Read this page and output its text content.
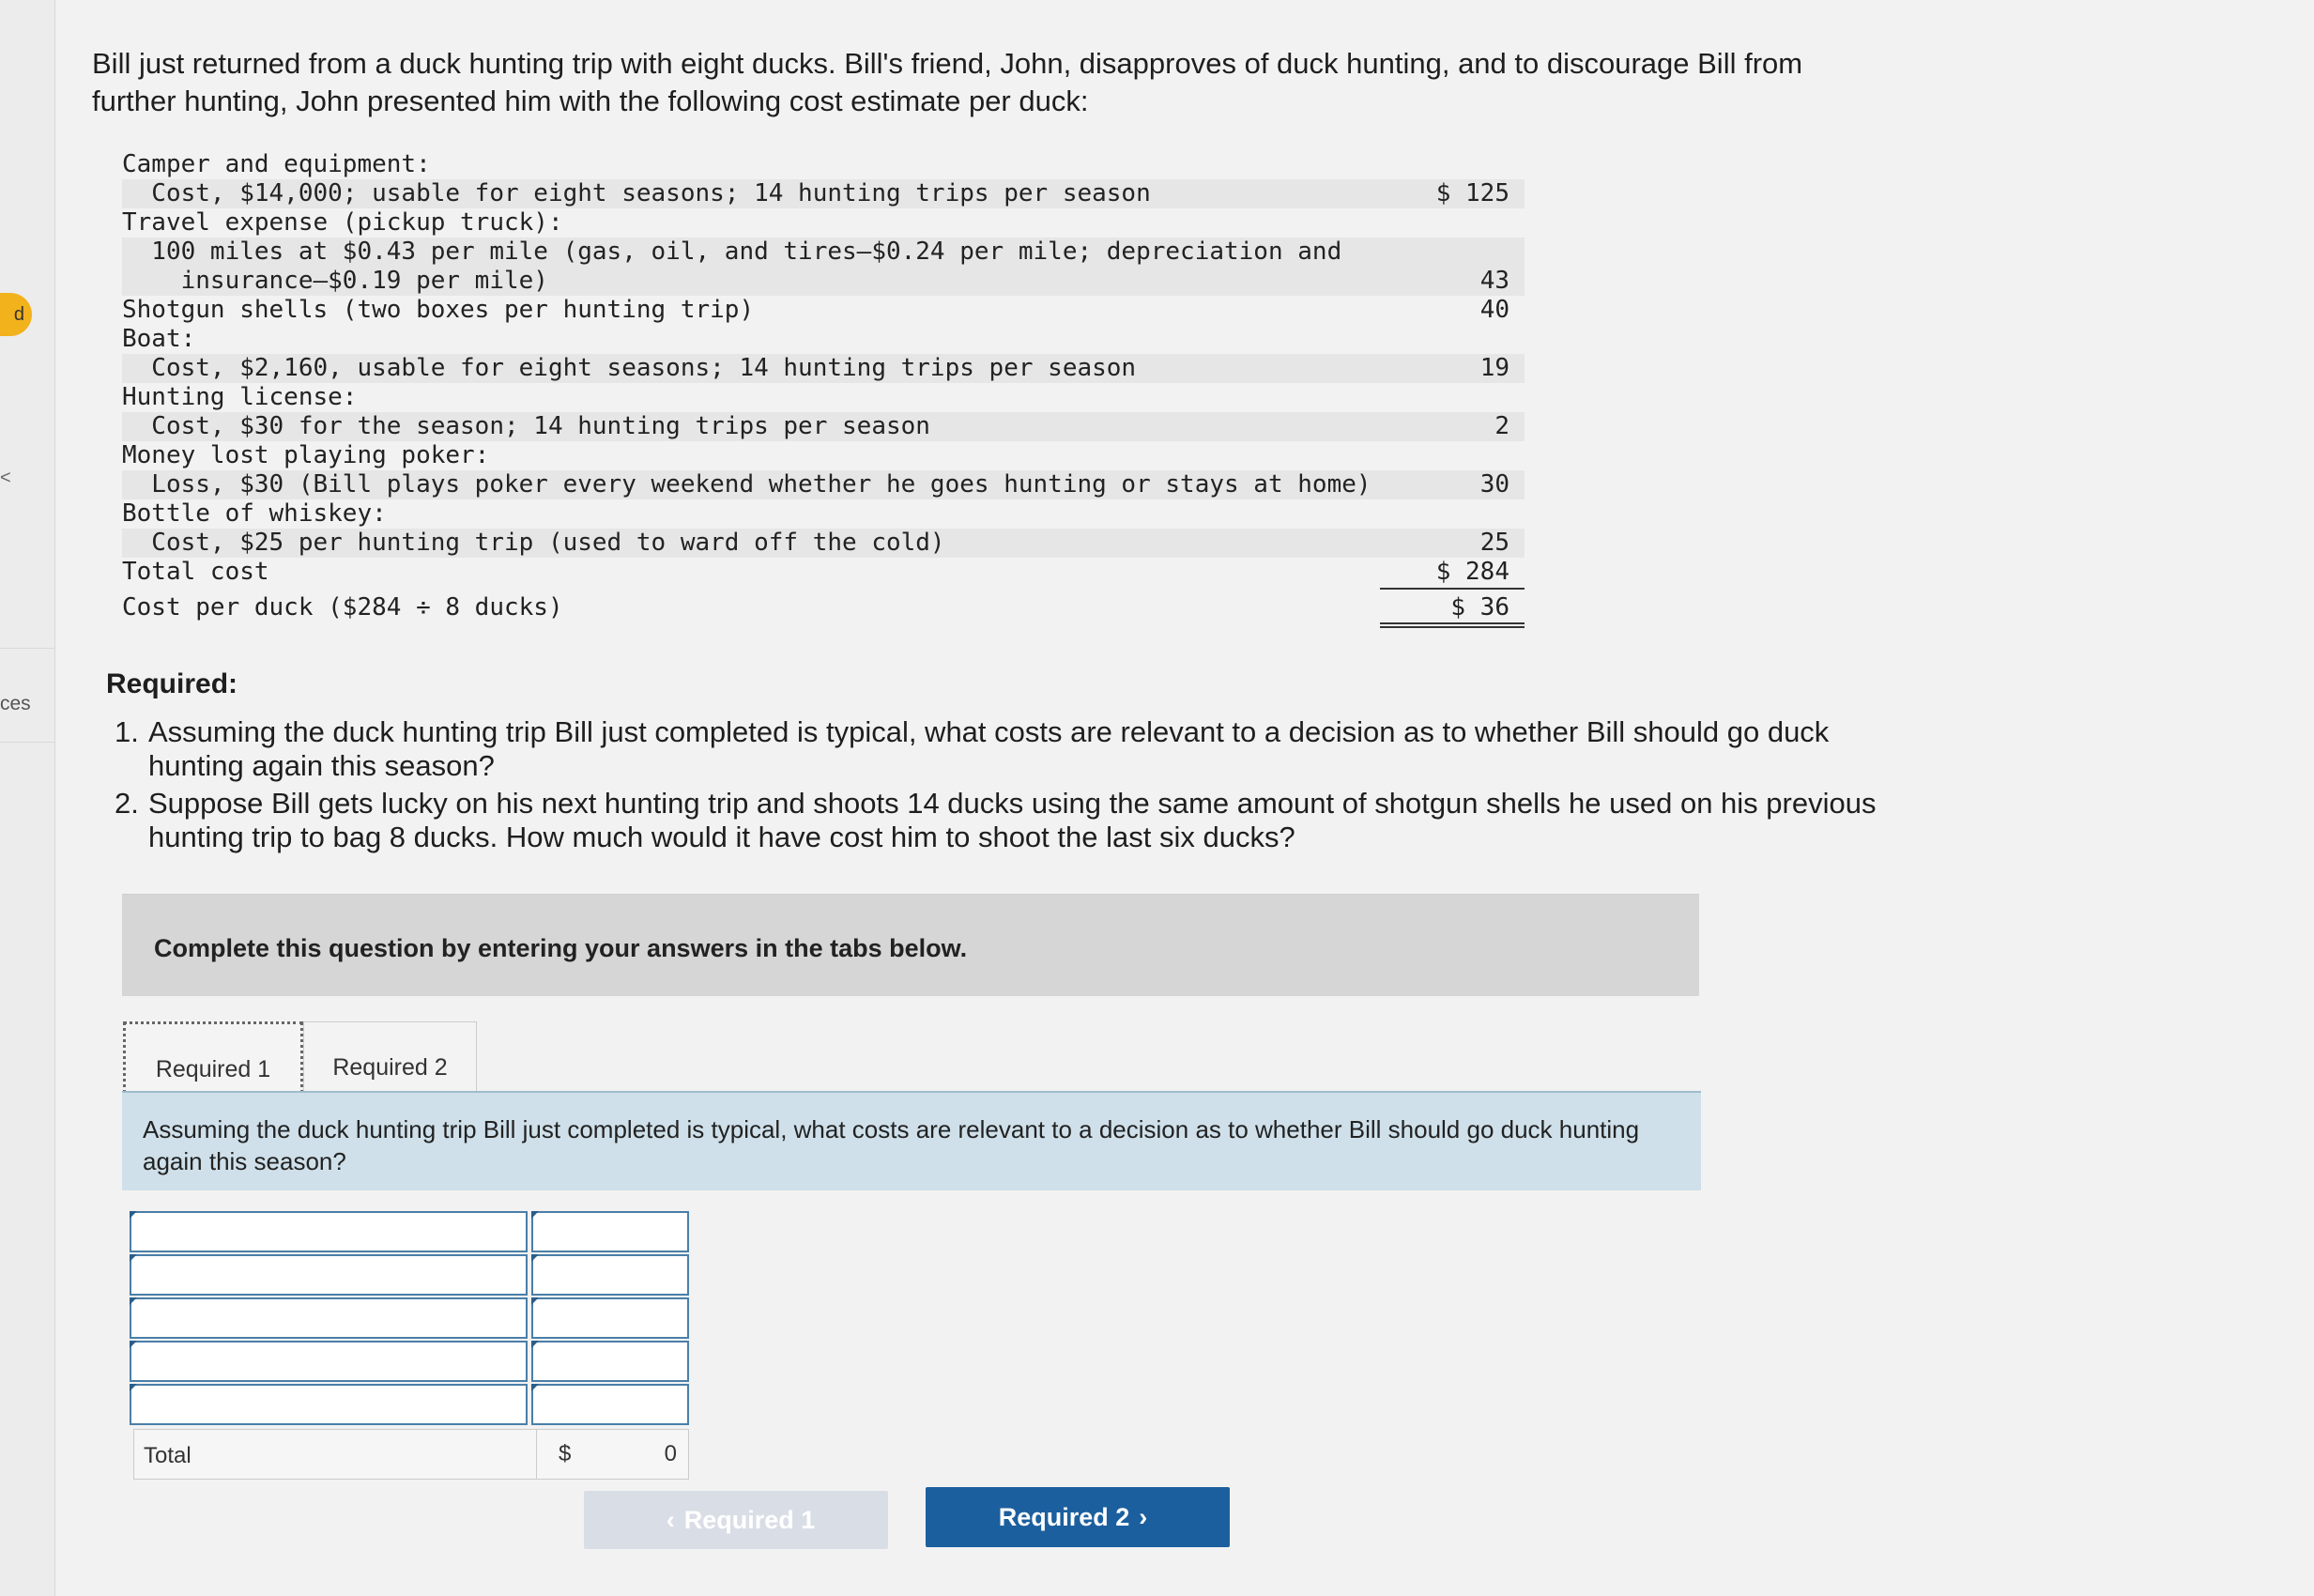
d
<
ces
Bill just returned from a duck hunting trip with eight ducks. Bill's friend, John, disapproves of duck hunting, and to discourage Bill from further hunting, John presented him with the following cost estimate per duck:
Camper and equipment:
Cost, $14,000; usable for eight seasons; 14 hunting trips per season	$ 125
Travel expense (pickup truck):
100 miles at $0.43 per mile (gas, oil, and tires–$0.24 per mile; depreciation and
insurance–$0.19 per mile)	43
Shotgun shells (two boxes per hunting trip)	40
Boat:
Cost, $2,160, usable for eight seasons; 14 hunting trips per season	19
Hunting license:
Cost, $30 for the season; 14 hunting trips per season	2
Money lost playing poker:
Loss, $30 (Bill plays poker every weekend whether he goes hunting or stays at home)	30
Bottle of whiskey:
Cost, $25 per hunting trip (used to ward off the cold)	25
Total cost	$ 284
Cost per duck ($284 ÷ 8 ducks)	$ 36
Required:
1. Assuming the duck hunting trip Bill just completed is typical, what costs are relevant to a decision as to whether Bill should go duck hunting again this season?
2. Suppose Bill gets lucky on his next hunting trip and shoots 14 ducks using the same amount of shotgun shells he used on his previous hunting trip to bag 8 ducks. How much would it have cost him to shoot the last six ducks?
Complete this question by entering your answers in the tabs below.
Required 1	Required 2
Assuming the duck hunting trip Bill just completed is typical, what costs are relevant to a decision as to whether Bill should go duck hunting again this season?
Total	$	0
‹ Required 1	Required 2 ›
